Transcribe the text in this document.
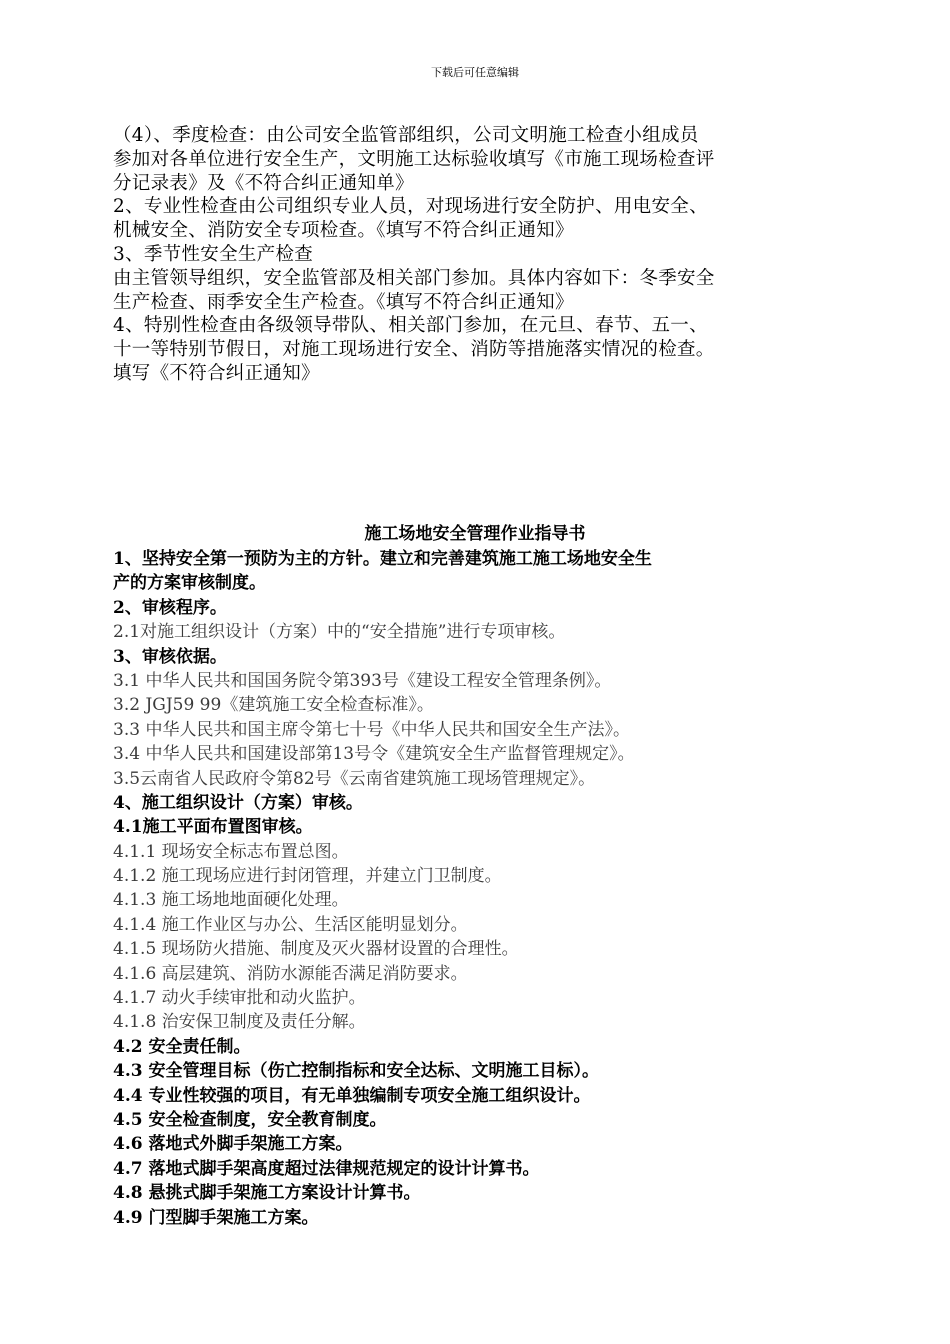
下载后可任意编辑
（4）、季度检查：由公司安全监管部组织，公司文明施工检查小组成员
参加对各单位进行安全生产，文明施工达标验收填写《市施工现场检查评
分记录表》及《不符合纠正通知单》
2、专业性检查由公司组织专业人员，对现场进行安全防护、用电安全、
机械安全、消防安全专项检查。《填写不符合纠正通知》
3、季节性安全生产检查
由主管领导组织，安全监管部及相关部门参加。具体内容如下：冬季安全
生产检查、雨季安全生产检查。《填写不符合纠正通知》
4、特别性检查由各级领导带队、相关部门参加，在元旦、春节、五一、
十一等特别节假日，对施工现场进行安全、消防等措施落实情况的检查。
填写《不符合纠正通知》
施工场地安全管理作业指导书
1、坚持安全第一预防为主的方针。建立和完善建筑施工施工场地安全生
产的方案审核制度。
2、审核程序。
2.1对施工组织设计（方案）中的“安全措施”进行专项审核。
3、审核依据。
3.1 中华人民共和国国务院令第393号《建设工程安全管理条例》。
3.2 JGJ59 99《建筑施工安全检查标准》。
3.3 中华人民共和国主席令第七十号《中华人民共和国安全生产法》。
3.4 中华人民共和国建设部第13号令《建筑安全生产监督管理规定》。
3.5云南省人民政府令第82号《云南省建筑施工现场管理规定》。
4、施工组织设计（方案）审核。
4.1施工平面布置图审核。
4.1.1 现场安全标志布置总图。
4.1.2 施工现场应进行封闭管理，并建立门卫制度。
4.1.3 施工场地地面硬化处理。
4.1.4 施工作业区与办公、生活区能明显划分。
4.1.5 现场防火措施、制度及灭火器材设置的合理性。
4.1.6 高层建筑、消防水源能否满足消防要求。
4.1.7 动火手续审批和动火监护。
4.1.8 治安保卫制度及责任分解。
4.2 安全责任制。
4.3 安全管理目标（伤亡控制指标和安全达标、文明施工目标）。
4.4 专业性较强的项目，有无单独编制专项安全施工组织设计。
4.5 安全检查制度，安全教育制度。
4.6 落地式外脚手架施工方案。
4.7 落地式脚手架高度超过法律规范规定的设计计算书。
4.8 悬挑式脚手架施工方案设计计算书。
4.9 门型脚手架施工方案。
